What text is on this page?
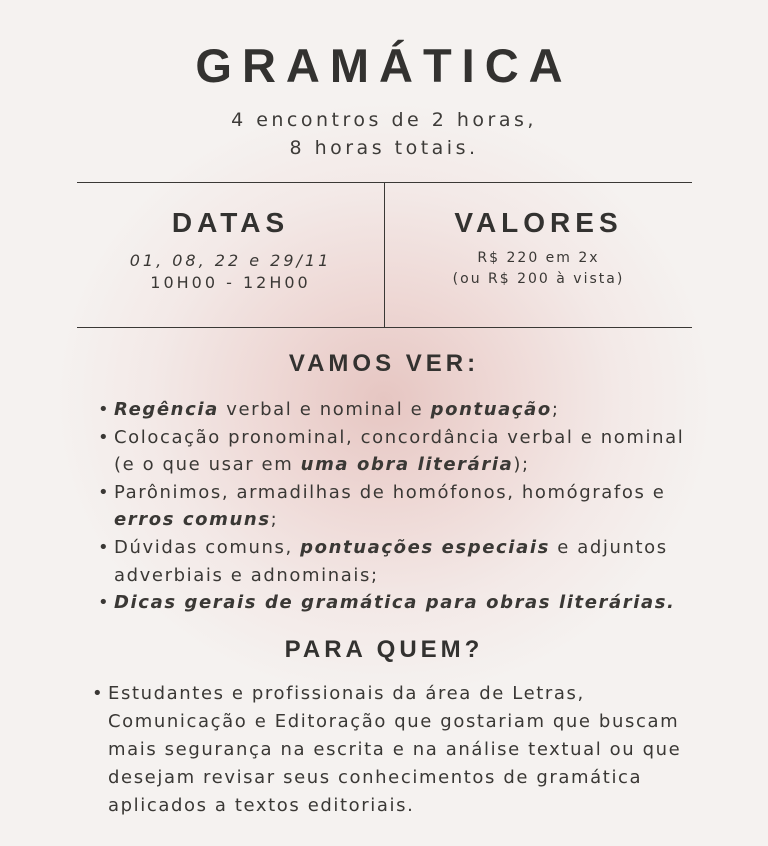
GRAMÁTICA
4 encontros de 2 horas,
8 horas totais.
DATAS
01, 08, 22 e 29/11
10H00 - 12H00
VALORES
R$ 220 em 2x
(ou R$ 200 à vista)
VAMOS VER:
• Regência verbal e nominal e pontuação;
• Colocação pronominal, concordância verbal e nominal (e o que usar em uma obra literária);
• Parônimos, armadilhas de homófonos, homógrafos e erros comuns;
• Dúvidas comuns, pontuações especiais e adjuntos adverbiais e adnominais;
• Dicas gerais de gramática para obras literárias.
PARA QUEM?
• Estudantes e profissionais da área de Letras, Comunicação e Editoração que gostariam que buscam mais segurança na escrita e na análise textual ou que desejam revisar seus conhecimentos de gramática aplicados a textos editoriais.
